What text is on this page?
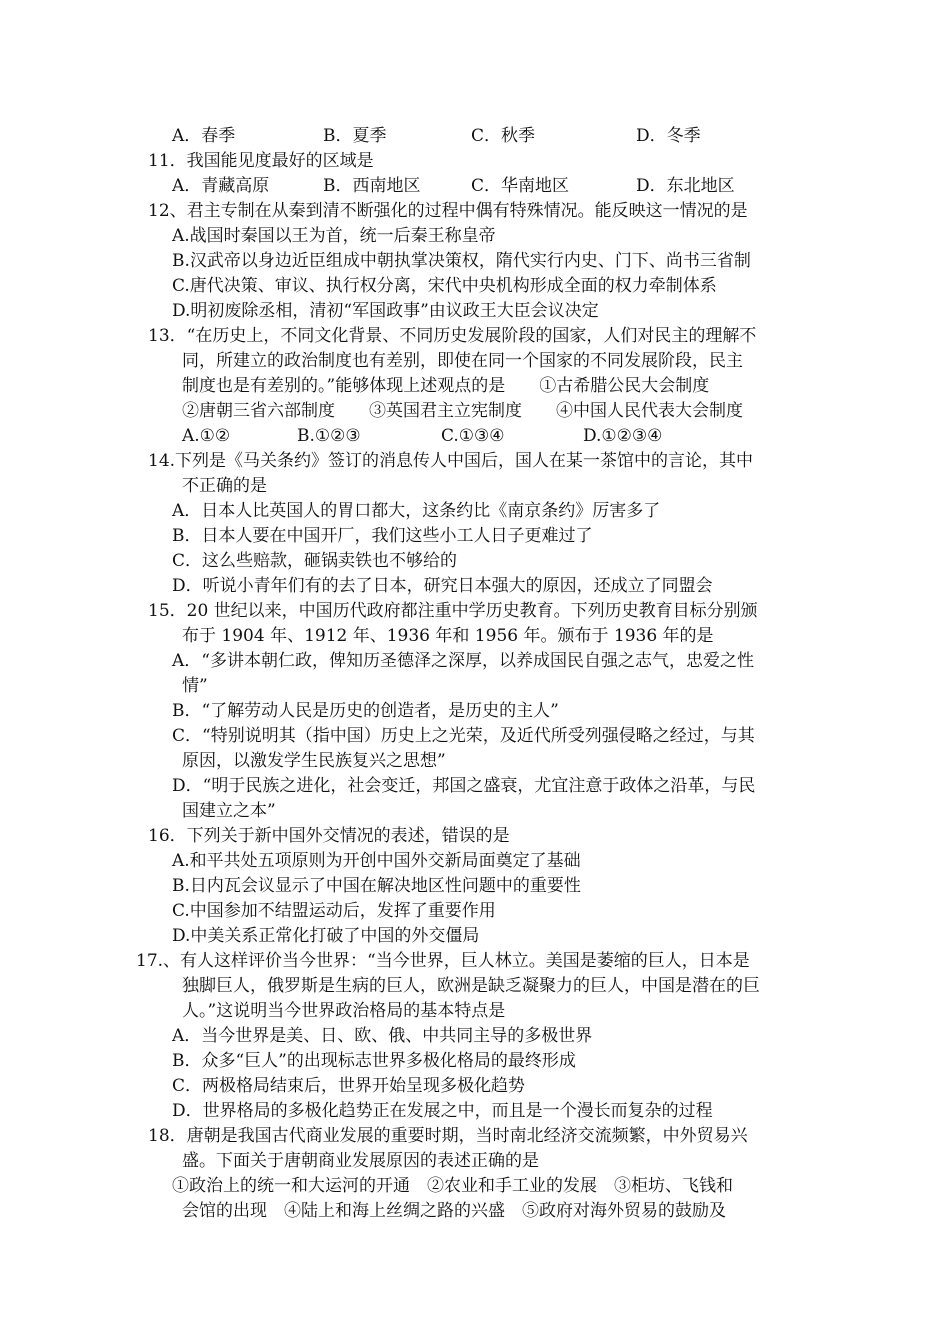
A．春季	B．夏季	C．秋季	D．冬季
11．我国能见度最好的区域是
A．青藏高原	B．西南地区	C．华南地区	D．东北地区
12、君主专制在从秦到清不断强化的过程中偶有特殊情况。能反映这一情况的是
A.战国时秦国以王为首，统一后秦王称皇帝
B.汉武帝以身边近臣组成中朝执掌决策权，隋代实行内史、门下、尚书三省制
C.唐代决策、审议、执行权分离，宋代中央机构形成全面的权力牵制体系
D.明初废除丞相，清初“军国政事”由议政王大臣会议决定
13．“在历史上，不同文化背景、不同历史发展阶段的国家，人们对民主的理解不
同，所建立的政治制度也有差别，即使在同一个国家的不同发展阶段，民主
制度也是有差别的。”能够体现上述观点的是　　①古希腊公民大会制度
②唐朝三省六部制度　　③英国君主立宪制度　　④中国人民代表大会制度
A.①②	B.①②③	C.①③④	D.①②③④
14.下列是《马关条约》签订的消息传人中国后，国人在某一茶馆中的言论，其中
不正确的是
A．日本人比英国人的胃口都大，这条约比《南京条约》厉害多了
B．日本人要在中国开厂，我们这些小工人日子更难过了
C．这么些赔款，砸锅卖铁也不够给的
D．听说小青年们有的去了日本，研究日本强大的原因，还成立了同盟会
15．20 世纪以来，中国历代政府都注重中学历史教育。下列历史教育目标分别颁
布于 1904 年、1912 年、1936 年和 1956 年。颁布于 1936 年的是
A．“多讲本朝仁政，俾知历圣德泽之深厚，以养成国民自强之志气，忠爱之性
情”
B．“了解劳动人民是历史的创造者，是历史的主人”
C．“特别说明其（指中国）历史上之光荣，及近代所受列强侵略之经过，与其
原因，以激发学生民族复兴之思想”
D．“明于民族之进化，社会变迁，邦国之盛衰，尤宜注意于政体之沿革，与民
国建立之本”
16．下列关于新中国外交情况的表述，错误的是
A.和平共处五项原则为开创中国外交新局面奠定了基础
B.日内瓦会议显示了中国在解决地区性问题中的重要性
C.中国参加不结盟运动后，发挥了重要作用
D.中美关系正常化打破了中国的外交僵局
17.、有人这样评价当今世界：“当今世界，巨人林立。美国是萎缩的巨人，日本是
独脚巨人，俄罗斯是生病的巨人，欧洲是缺乏凝聚力的巨人，中国是潜在的巨
人。”这说明当今世界政治格局的基本特点是
A．当今世界是美、日、欧、俄、中共同主导的多极世界
B．众多“巨人”的出现标志世界多极化格局的最终形成
C．两极格局结束后，世界开始呈现多极化趋势
D．世界格局的多极化趋势正在发展之中，而且是一个漫长而复杂的过程
18．唐朝是我国古代商业发展的重要时期，当时南北经济交流频繁，中外贸易兴
盛。下面关于唐朝商业发展原因的表述正确的是
①政治上的统一和大运河的开通　②农业和手工业的发展　③柜坊、飞钱和
会馆的出现　④陆上和海上丝绸之路的兴盛　⑤政府对海外贸易的鼓励及
